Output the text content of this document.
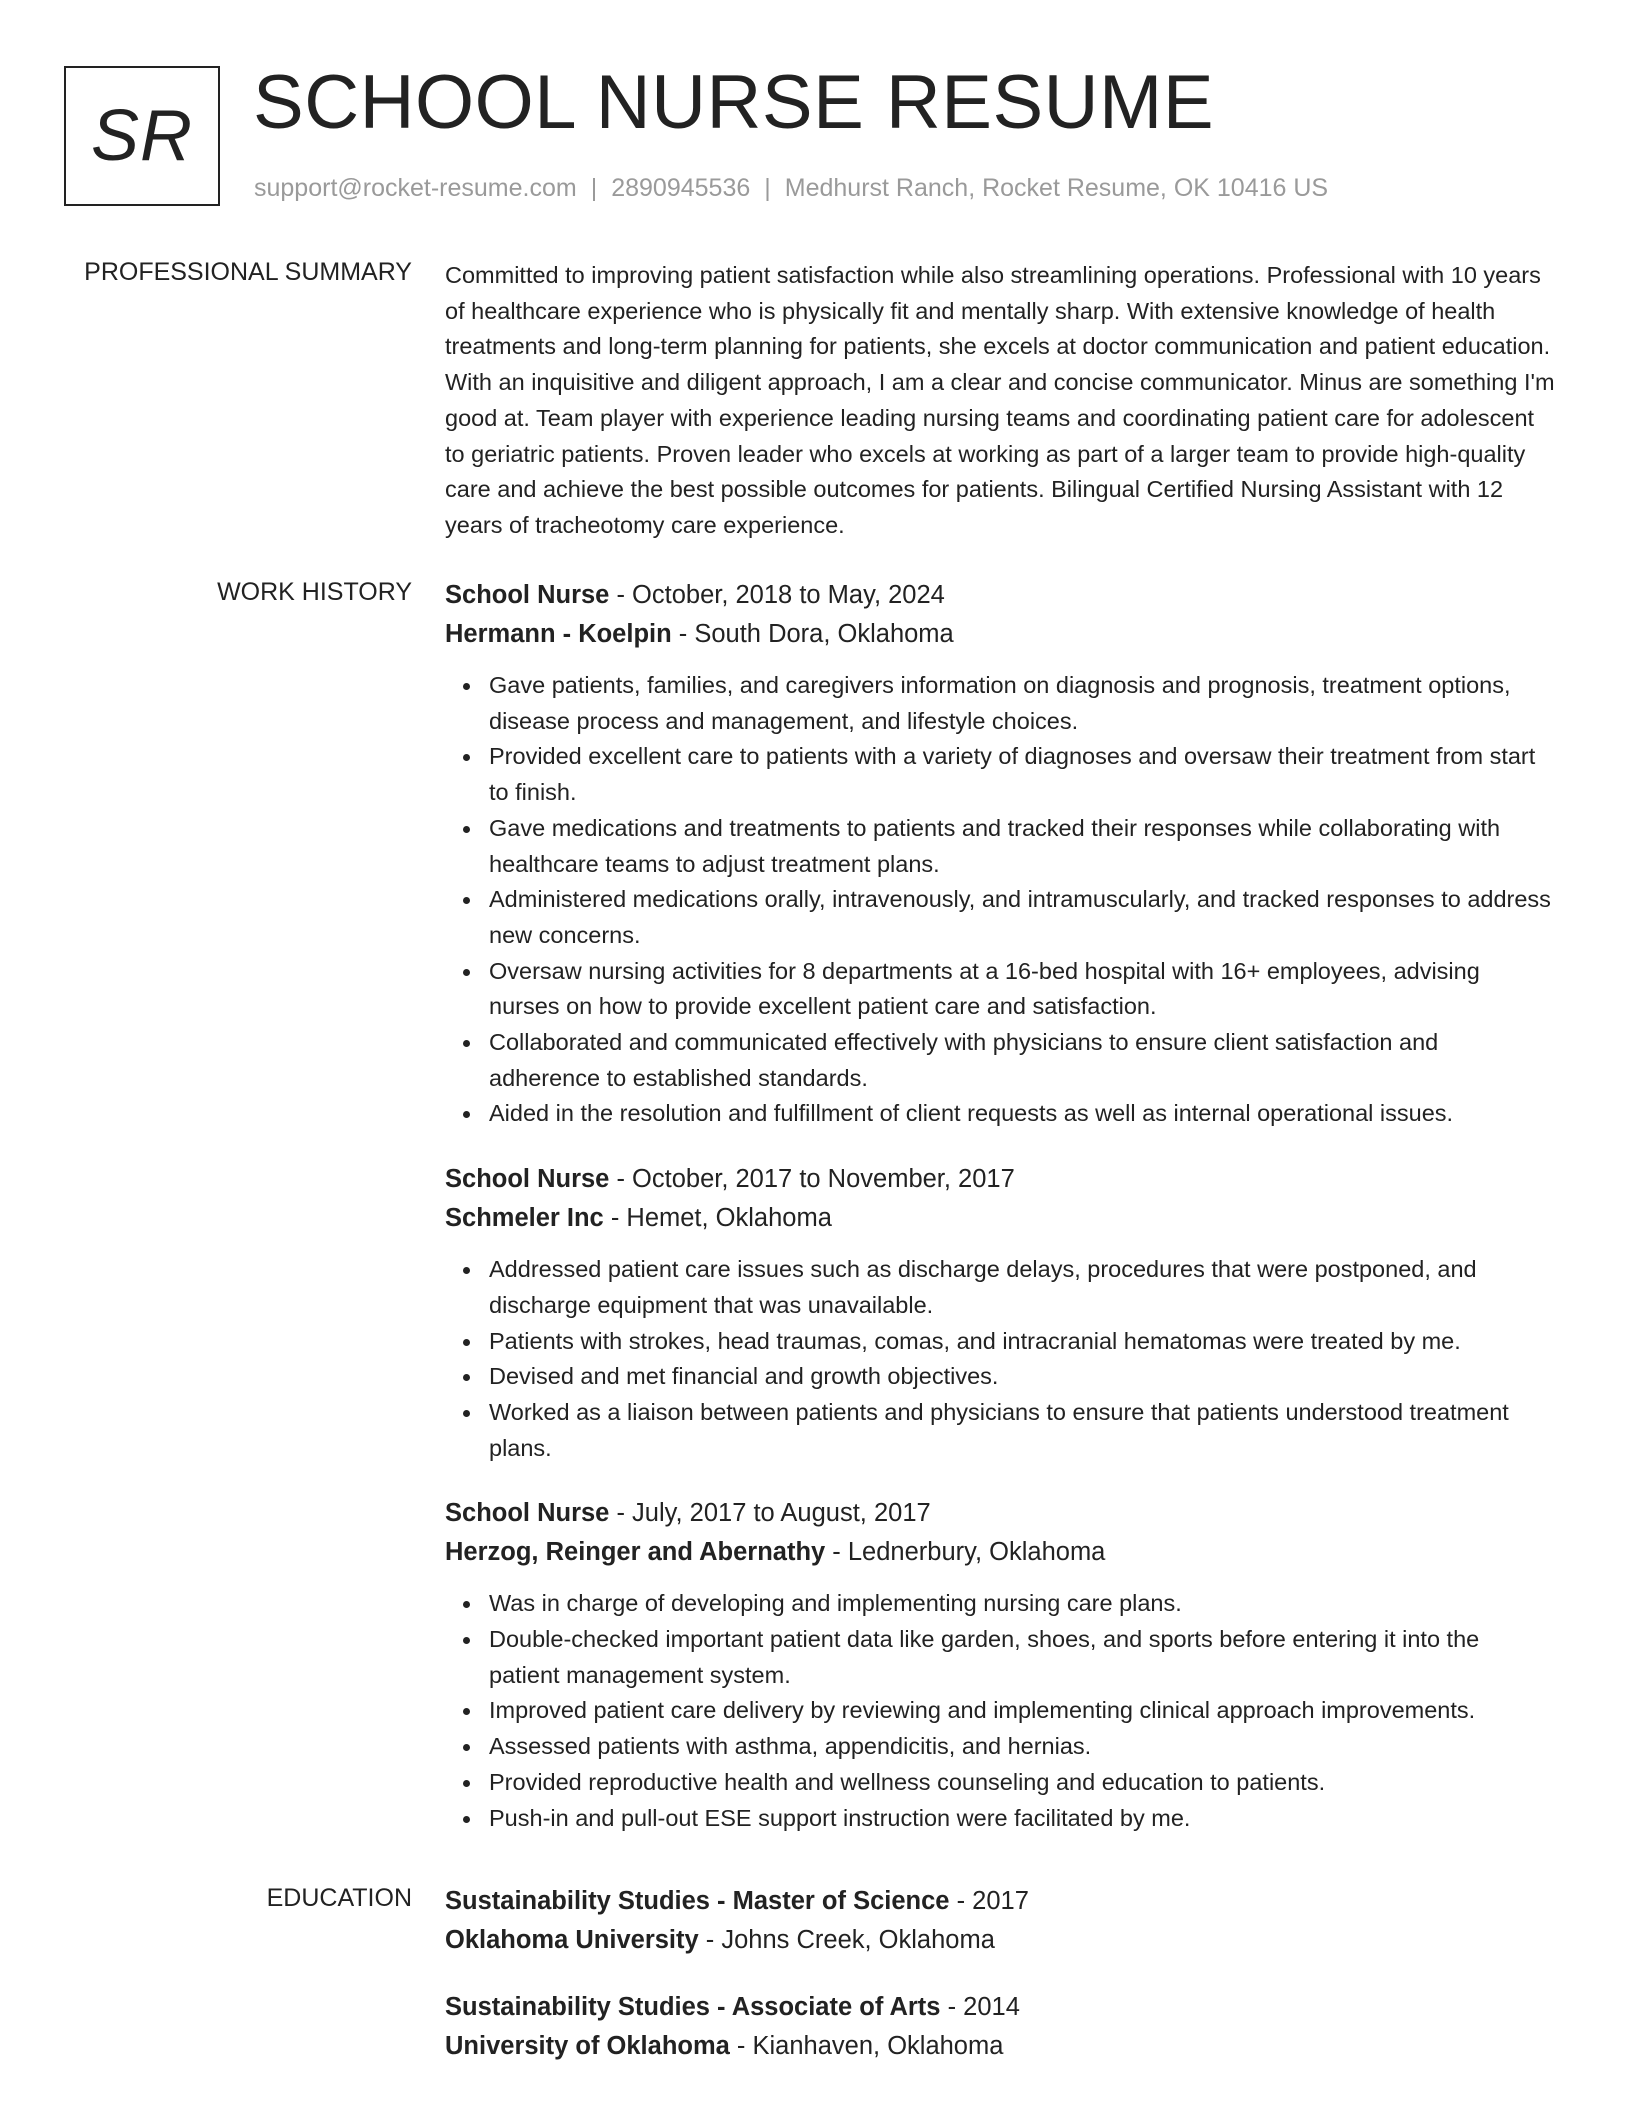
SR SCHOOL NURSE RESUME
support@rocket-resume.com | 2890945536 | Medhurst Ranch, Rocket Resume, OK 10416 US
PROFESSIONAL SUMMARY Committed to improving patient satisfaction while also streamlining operations. Professional with 10 years of healthcare experience who is physically fit and mentally sharp. With extensive knowledge of health treatments and long-term planning for patients, she excels at doctor communication and patient education. With an inquisitive and diligent approach, I am a clear and concise communicator. Minus are something I'm good at. Team player with experience leading nursing teams and coordinating patient care for adolescent to geriatric patients. Proven leader who excels at working as part of a larger team to provide high-quality care and achieve the best possible outcomes for patients. Bilingual Certified Nursing Assistant with 12 years of tracheotomy care experience.

WORK HISTORY School Nurse - October, 2018 to May, 2024

Hermann - Koelpin - South Dora, Oklahoma

Gave patients, families, and caregivers information on diagnosis and prognosis, treatment options, disease process and management, and lifestyle choices.
Provided excellent care to patients with a variety of diagnoses and oversaw their treatment from start to finish.
Gave medications and treatments to patients and tracked their responses while collaborating with healthcare teams to adjust treatment plans.
Administered medications orally, intravenously, and intramuscularly, and tracked responses to address new concerns.
Oversaw nursing activities for 8 departments at a 16-bed hospital with 16+ employees, advising nurses on how to provide excellent patient care and satisfaction.
Collaborated and communicated effectively with physicians to ensure client satisfaction and adherence to established standards.
Aided in the resolution and fulfillment of client requests as well as internal operational issues.

School Nurse - October, 2017 to November, 2017

Schmeler Inc - Hemet, Oklahoma

Addressed patient care issues such as discharge delays, procedures that were postponed, and discharge equipment that was unavailable.
Patients with strokes, head traumas, comas, and intracranial hematomas were treated by me.
Devised and met financial and growth objectives.
Worked as a liaison between patients and physicians to ensure that patients understood treatment plans.

School Nurse - July, 2017 to August, 2017

Herzog, Reinger and Abernathy - Lednerbury, Oklahoma

Was in charge of developing and implementing nursing care plans.
Double-checked important patient data like garden, shoes, and sports before entering it into the patient management system.
Improved patient care delivery by reviewing and implementing clinical approach improvements.
Assessed patients with asthma, appendicitis, and hernias.
Provided reproductive health and wellness counseling and education to patients.
Push-in and pull-out ESE support instruction were facilitated by me.
EDUCATION Sustainability Studies - Master of Science - 2017

Oklahoma University - Johns Creek, Oklahoma

Sustainability Studies - Associate of Arts - 2014

University of Oklahoma - Kianhaven, Oklahoma
